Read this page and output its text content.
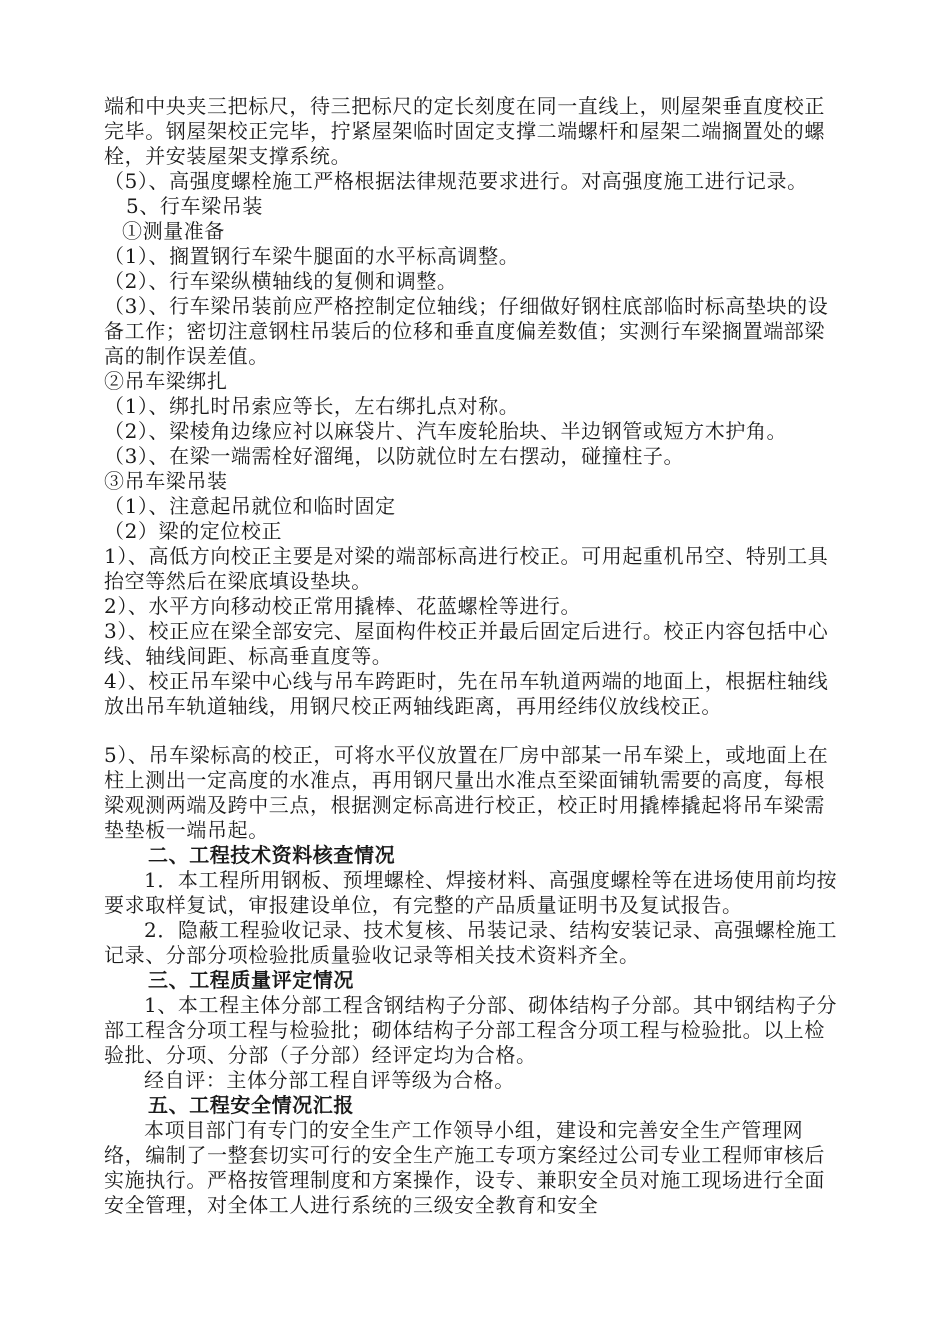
端和中央夹三把标尺，待三把标尺的定长刻度在同一直线上，则屋架垂直度校正完毕。钢屋架校正完毕，拧紧屋架临时固定支撑二端螺杆和屋架二端搁置处的螺栓，并安装屋架支撑系统。

（5）、高强度螺栓施工严格根据法律规范要求进行。对高强度施工进行记录。

5、行车梁吊装

①测量准备

（1）、搁置钢行车梁牛腿面的水平标高调整。

（2）、行车梁纵横轴线的复侧和调整。

（3）、行车梁吊装前应严格控制定位轴线；仔细做好钢柱底部临时标高垫块的设备工作；密切注意钢柱吊装后的位移和垂直度偏差数值；实测行车梁搁置端部梁高的制作误差值。

②吊车梁绑扎

（1）、绑扎时吊索应等长，左右绑扎点对称。

（2）、梁棱角边缘应衬以麻袋片、汽车废轮胎块、半边钢管或短方木护角。

（3）、在梁一端需栓好溜绳，以防就位时左右摆动，碰撞柱子。

③吊车梁吊装

（1）、注意起吊就位和临时固定

（2）梁的定位校正

1）、高低方向校正主要是对梁的端部标高进行校正。可用起重机吊空、特别工具抬空等然后在梁底填设垫块。

2）、水平方向移动校正常用撬棒、花蓝螺栓等进行。

3）、校正应在梁全部安完、屋面构件校正并最后固定后进行。校正内容包括中心线、轴线间距、标高垂直度等。

4）、校正吊车梁中心线与吊车跨距时，先在吊车轨道两端的地面上，根据柱轴线放出吊车轨道轴线，用钢尺校正两轴线距离，再用经纬仪放线校正。

5）、吊车梁标高的校正，可将水平仪放置在厂房中部某一吊车梁上，或地面上在柱上测出一定高度的水准点，再用钢尺量出水准点至梁面铺轨需要的高度，每根梁观测两端及跨中三点，根据测定标高进行校正，校正时用撬棒撬起将吊车梁需垫垫板一端吊起。

二、工程技术资料核查情况

1．本工程所用钢板、预埋螺栓、焊接材料、高强度螺栓等在进场使用前均按要求取样复试，审报建设单位，有完整的产品质量证明书及复试报告。

2．隐蔽工程验收记录、技术复核、吊装记录、结构安装记录、高强螺栓施工记录、分部分项检验批质量验收记录等相关技术资料齐全。

三、工程质量评定情况

1、本工程主体分部工程含钢结构子分部、砌体结构子分部。其中钢结构子分部工程含分项工程与检验批；砌体结构子分部工程含分项工程与检验批。以上检验批、分项、分部（子分部）经评定均为合格。

经自评：主体分部工程自评等级为合格。

五、工程安全情况汇报

本项目部门有专门的安全生产工作领导小组，建设和完善安全生产管理网络，编制了一整套切实可行的安全生产施工专项方案经过公司专业工程师审核后实施执行。严格按管理制度和方案操作，设专、兼职安全员对施工现场进行全面安全管理，对全体工人进行系统的三级安全教育和安全
